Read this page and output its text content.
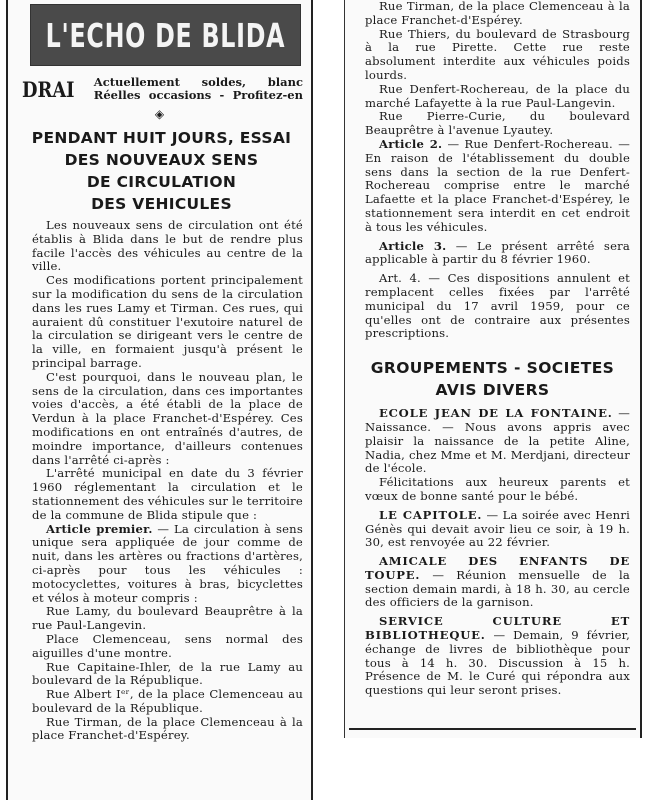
L'ECHO DE BLIDA
DRAI Actuellement soldes, blanc
Réelles occasions - Profitez-en
◈
PENDANT HUIT JOURS, ESSAI
DES NOUVEAUX SENS
DE CIRCULATION
DES VEHICULES

Les nouveaux sens de circulation ont été établis à Blida dans le but de rendre plus facile l'accès des véhicules au centre de la ville.

Ces modifications portent principalement sur la modification du sens de la circulation dans les rues Lamy et Tirman. Ces rues, qui auraient dû constituer l'exutoire naturel de la circulation se dirigeant vers le centre de la ville, en formaient jusqu'à présent le principal barrage.

C'est pourquoi, dans le nouveau plan, le sens de la circulation, dans ces importantes voies d'accès, a été établi de la place de Verdun à la place Franchet-d'Espérey. Ces modifications en ont entraînés d'autres, de moindre importance, d'ailleurs contenues dans l'arrêté ci-après :

L'arrêté municipal en date du 3 février 1960 réglementant la circulation et le stationnement des véhicules sur le territoire de la commune de Blida stipule que :

Article premier. — La circulation à sens unique sera appliquée de jour comme de nuit, dans les artères ou fractions d'artères, ci-après pour tous les véhicules : motocyclettes, voitures à bras, bicyclettes et vélos à moteur compris :

Rue Lamy, du boulevard Beauprêtre à la rue Paul-Langevin.

Place Clemenceau, sens normal des aiguilles d'une montre.

Rue Capitaine-Ihler, de la rue Lamy au boulevard de la République.

Rue Albert Iᵉʳ, de la place Clemenceau au boulevard de la République.

Rue Tirman, de la place Clemenceau à la place Franchet-d'Espérey.

Rue Tirman, de la place Clemenceau à la place Franchet-d'Espérey.

Rue Thiers, du boulevard de Strasbourg à la rue Pirette. Cette rue reste absolument interdite aux véhicules poids lourds.

Rue Denfert-Rochereau, de la place du marché Lafayette à la rue Paul-Langevin.

Rue Pierre-Curie, du boulevard Beauprêtre à l'avenue Lyautey.

Article 2. — Rue Denfert-Rochereau. —En raison de l'établissement du double sens dans la section de la rue Denfert-Rochereau comprise entre le marché Lafaette et la place Franchet-d'Espérey, le stationnement sera interdit en cet endroit à tous les véhicules.

Article 3. — Le présent arrêté sera applicable à partir du 8 février 1960.

Art. 4. — Ces dispositions annulent et remplacent celles fixées par l'arrêté municipal du 17 avril 1959, pour ce qu'elles ont de contraire aux présentes prescriptions.

GROUPEMENTS - SOCIETES
AVIS DIVERS

ECOLE JEAN DE LA FONTAINE. — Naissance. — Nous avons appris avec plaisir la naissance de la petite Aline, Nadia, chez Mme et M. Merdjani, directeur de l'école.

Félicitations aux heureux parents et vœux de bonne santé pour le bébé.

LE CAPITOLE. — La soirée avec Henri Génès qui devait avoir lieu ce soir, à 19 h. 30, est renvoyée au 22 février.

AMICALE DES ENFANTS DE TOUPE. — Réunion mensuelle de la section demain mardi, à 18 h. 30, au cercle des officiers de la garnison.

SERVICE CULTURE ET BIBLIOTHEQUE. — Demain, 9 février, échange de livres de bibliothèque pour tous à 14 h. 30. Discussion à 15 h. Présence de M. le Curé qui répondra aux questions qui leur seront prises.
